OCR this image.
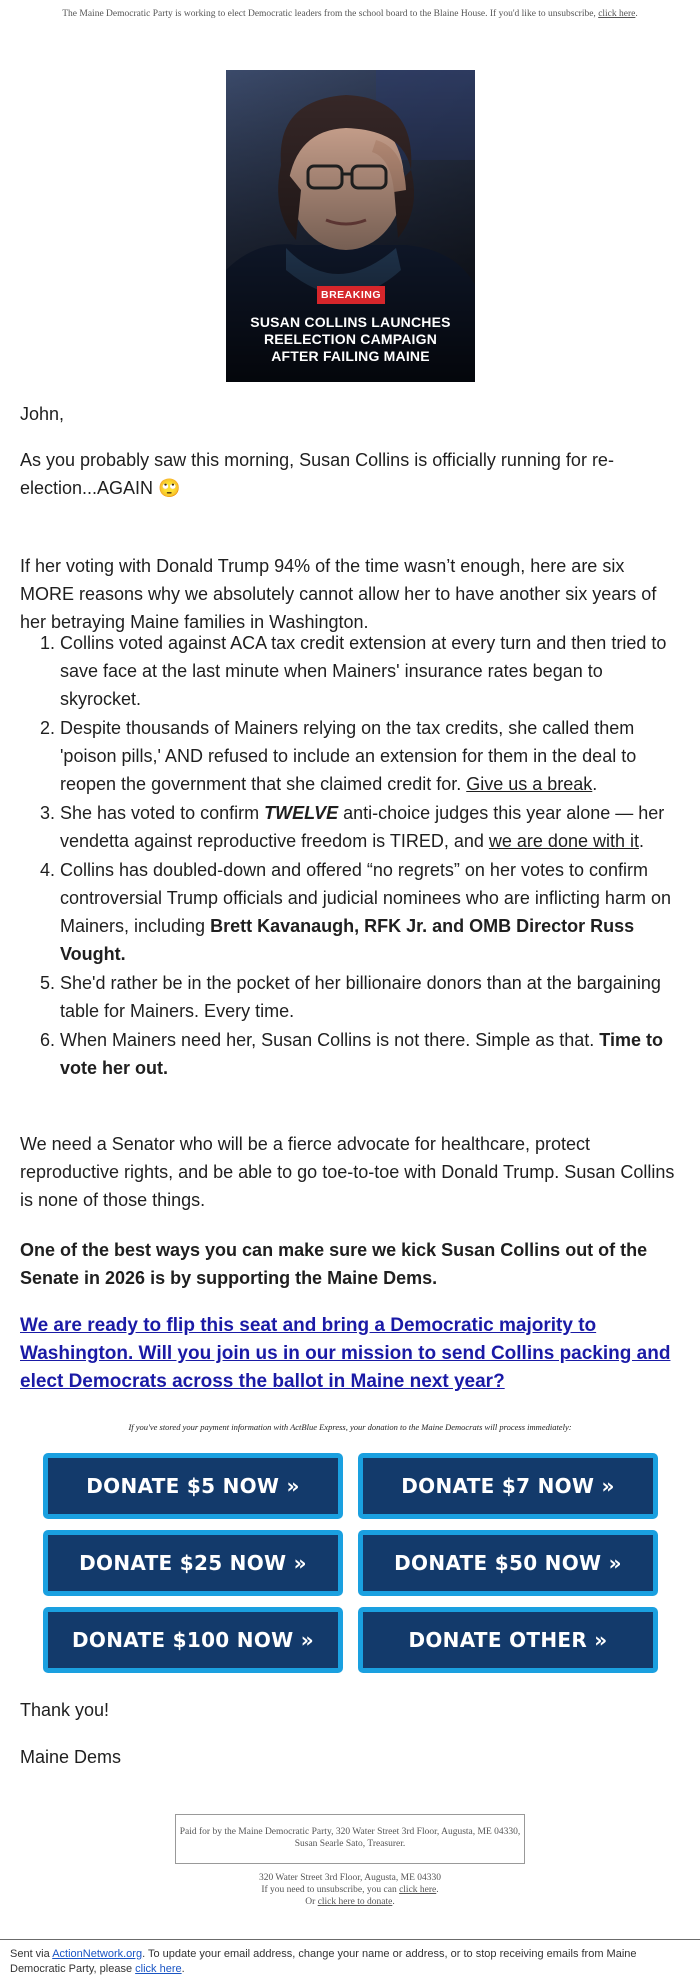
The Maine Democratic Party is working to elect Democratic leaders from the school board to the Blaine House. If you'd like to unsubscribe, click here.
BREAKING
SUSAN COLLINS LAUNCHES
REELECTION CAMPAIGN
AFTER FAILING MAINE
John,

As you probably saw this morning, Susan Collins is officially running for re-election...AGAIN 🙄

If her voting with Donald Trump 94% of the time wasn’t enough, here are six MORE reasons why we absolutely cannot allow her to have another six years of her betraying Maine families in Washington.

1. Collins voted against ACA tax credit extension at every turn and then tried to save face at the last minute when Mainers' insurance rates began to skyrocket.
2. Despite thousands of Mainers relying on the tax credits, she called them 'poison pills,' AND refused to include an extension for them in the deal to reopen the government that she claimed credit for. Give us a break.
3. She has voted to confirm TWELVE anti-choice judges this year alone — her vendetta against reproductive freedom is TIRED, and we are done with it.
4. Collins has doubled-down and offered “no regrets” on her votes to confirm controversial Trump officials and judicial nominees who are inflicting harm on Mainers, including Brett Kavanaugh, RFK Jr. and OMB Director Russ Vought.
5. She'd rather be in the pocket of her billionaire donors than at the bargaining table for Mainers. Every time.
6. When Mainers need her, Susan Collins is not there. Simple as that. Time to vote her out.

We need a Senator who will be a fierce advocate for healthcare, protect reproductive rights, and be able to go toe-to-toe with Donald Trump. Susan Collins is none of those things.

One of the best ways you can make sure we kick Susan Collins out of the Senate in 2026 is by supporting the Maine Dems.

We are ready to flip this seat and bring a Democratic majority to Washington. Will you join us in our mission to send Collins packing and elect Democrats across the ballot in Maine next year?
If you've stored your payment information with ActBlue Express, your donation to the Maine Democrats will process immediately:
DONATE $5 NOW »	DONATE $7 NOW »
DONATE $25 NOW »	DONATE $50 NOW »
DONATE $100 NOW »	DONATE OTHER »
Thank you!
Maine Dems
Paid for by the Maine Democratic Party, 320 Water Street 3rd Floor, Augusta, ME 04330, Susan Searle Sato, Treasurer.
320 Water Street 3rd Floor, Augusta, ME 04330
If you need to unsubscribe, you can click here.
Or click here to donate.
Sent via ActionNetwork.org. To update your email address, change your name or address, or to stop receiving emails from Maine Democratic Party, please click here.
